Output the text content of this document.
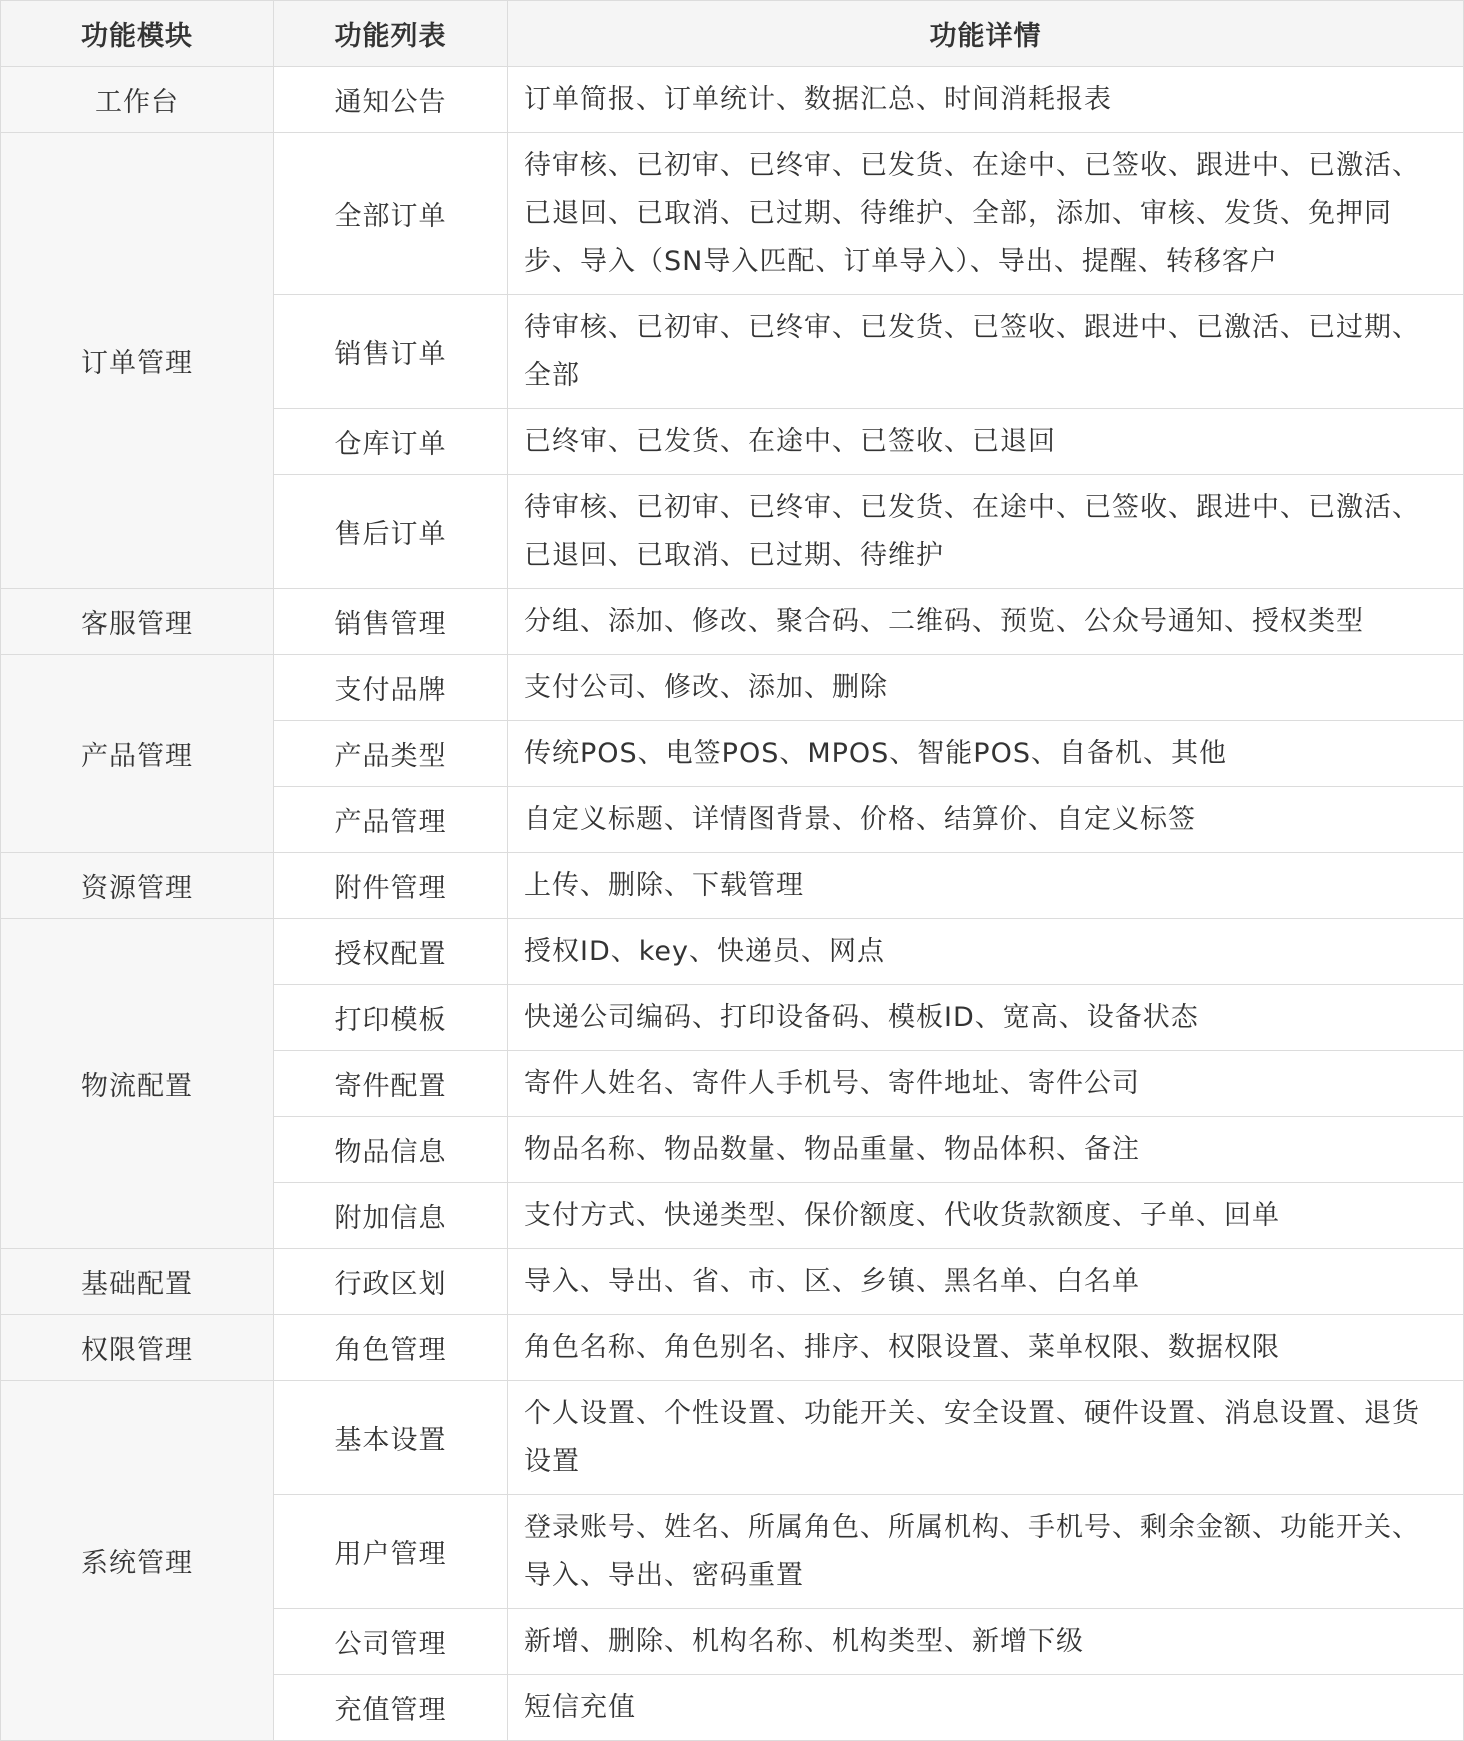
功能模块	功能列表	功能详情
工作台	通知公告	订单简报、订单统计、数据汇总、时间消耗报表
订单管理	全部订单	待审核、已初审、已终审、已发货、在途中、已签收、跟进中、已激活、已退回、已取消、已过期、待维护、全部，添加、审核、发货、免押同步、导入（SN导入匹配、订单导入）、导出、提醒、转移客户
	销售订单	待审核、已初审、已终审、已发货、已签收、跟进中、已激活、已过期、全部
	仓库订单	已终审、已发货、在途中、已签收、已退回
	售后订单	待审核、已初审、已终审、已发货、在途中、已签收、跟进中、已激活、已退回、已取消、已过期、待维护
客服管理	销售管理	分组、添加、修改、聚合码、二维码、预览、公众号通知、授权类型
产品管理	支付品牌	支付公司、修改、添加、删除
	产品类型	传统POS、电签POS、MPOS、智能POS、自备机、其他
	产品管理	自定义标题、详情图背景、价格、结算价、自定义标签
资源管理	附件管理	上传、删除、下载管理
物流配置	授权配置	授权ID、key、快递员、网点
	打印模板	快递公司编码、打印设备码、模板ID、宽高、设备状态
	寄件配置	寄件人姓名、寄件人手机号、寄件地址、寄件公司
	物品信息	物品名称、物品数量、物品重量、物品体积、备注
	附加信息	支付方式、快递类型、保价额度、代收货款额度、子单、回单
基础配置	行政区划	导入、导出、省、市、区、乡镇、黑名单、白名单
权限管理	角色管理	角色名称、角色别名、排序、权限设置、菜单权限、数据权限
系统管理	基本设置	个人设置、个性设置、功能开关、安全设置、硬件设置、消息设置、退货设置
	用户管理	登录账号、姓名、所属角色、所属机构、手机号、剩余金额、功能开关、导入、导出、密码重置
	公司管理	新增、删除、机构名称、机构类型、新增下级
	充值管理	短信充值
